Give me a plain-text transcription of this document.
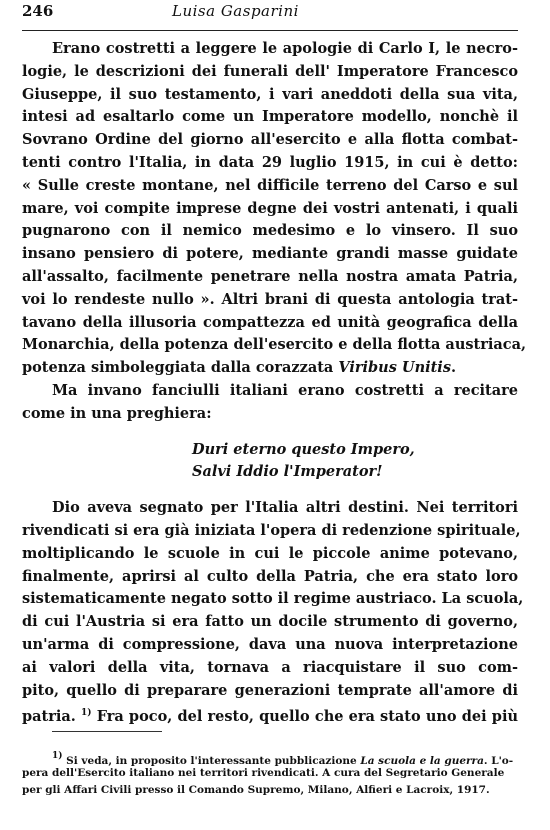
246	Luisa Gasparini
Erano costretti a leggere le apologie di Carlo I, le necro-
logie, le descrizioni dei funerali dell' Imperatore Francesco
Giuseppe, il suo testamento, i vari aneddoti della sua vita,
intesi ad esaltarlo come un Imperatore modello, nonchè il
Sovrano Ordine del giorno all'esercito e alla flotta combat-
tenti contro l'Italia, in data 29 luglio 1915, in cui è detto:
« Sulle creste montane, nel difficile terreno del Carso e sul
mare, voi compite imprese degne dei vostri antenati, i quali
pugnarono con il nemico medesimo e lo vinsero. Il suo
insano pensiero di potere, mediante grandi masse guidate
all'assalto, facilmente penetrare nella nostra amata Patria,
voi lo rendeste nullo ». Altri brani di questa antologia trat-
tavano della illusoria compattezza ed unità geografica della
Monarchia, della potenza dell'esercito e della flotta austriaca,
potenza simboleggiata dalla corazzata Viribus Unitis.
Ma invano fanciulli italiani erano costretti a recitare
come in una preghiera:
Duri eterno questo Impero,
Salvi Iddio l'Imperator!
Dio aveva segnato per l'Italia altri destini. Nei territori
rivendicati si era già iniziata l'opera di redenzione spirituale,
moltiplicando le scuole in cui le piccole anime potevano,
finalmente, aprirsi al culto della Patria, che era stato loro
sistematicamente negato sotto il regime austriaco. La scuola,
di cui l'Austria si era fatto un docile strumento di governo,
un'arma di compressione, dava una nuova interpretazione
ai valori della vita, tornava a riacquistare il suo com-
pito, quello di preparare generazioni temprate all'amore di
patria. $^{1)}$ Fra poco, del resto, quello che era stato uno dei più
$^{1)}$ Si veda, in proposito l'interessante pubblicazione La scuola e la guerra. L'o-
pera dell'Esercito italiano nei territori rivendicati. A cura del Segretario Generale
per gli Affari Civili presso il Comando Supremo, Milano, Alfieri e Lacroix, 1917.
